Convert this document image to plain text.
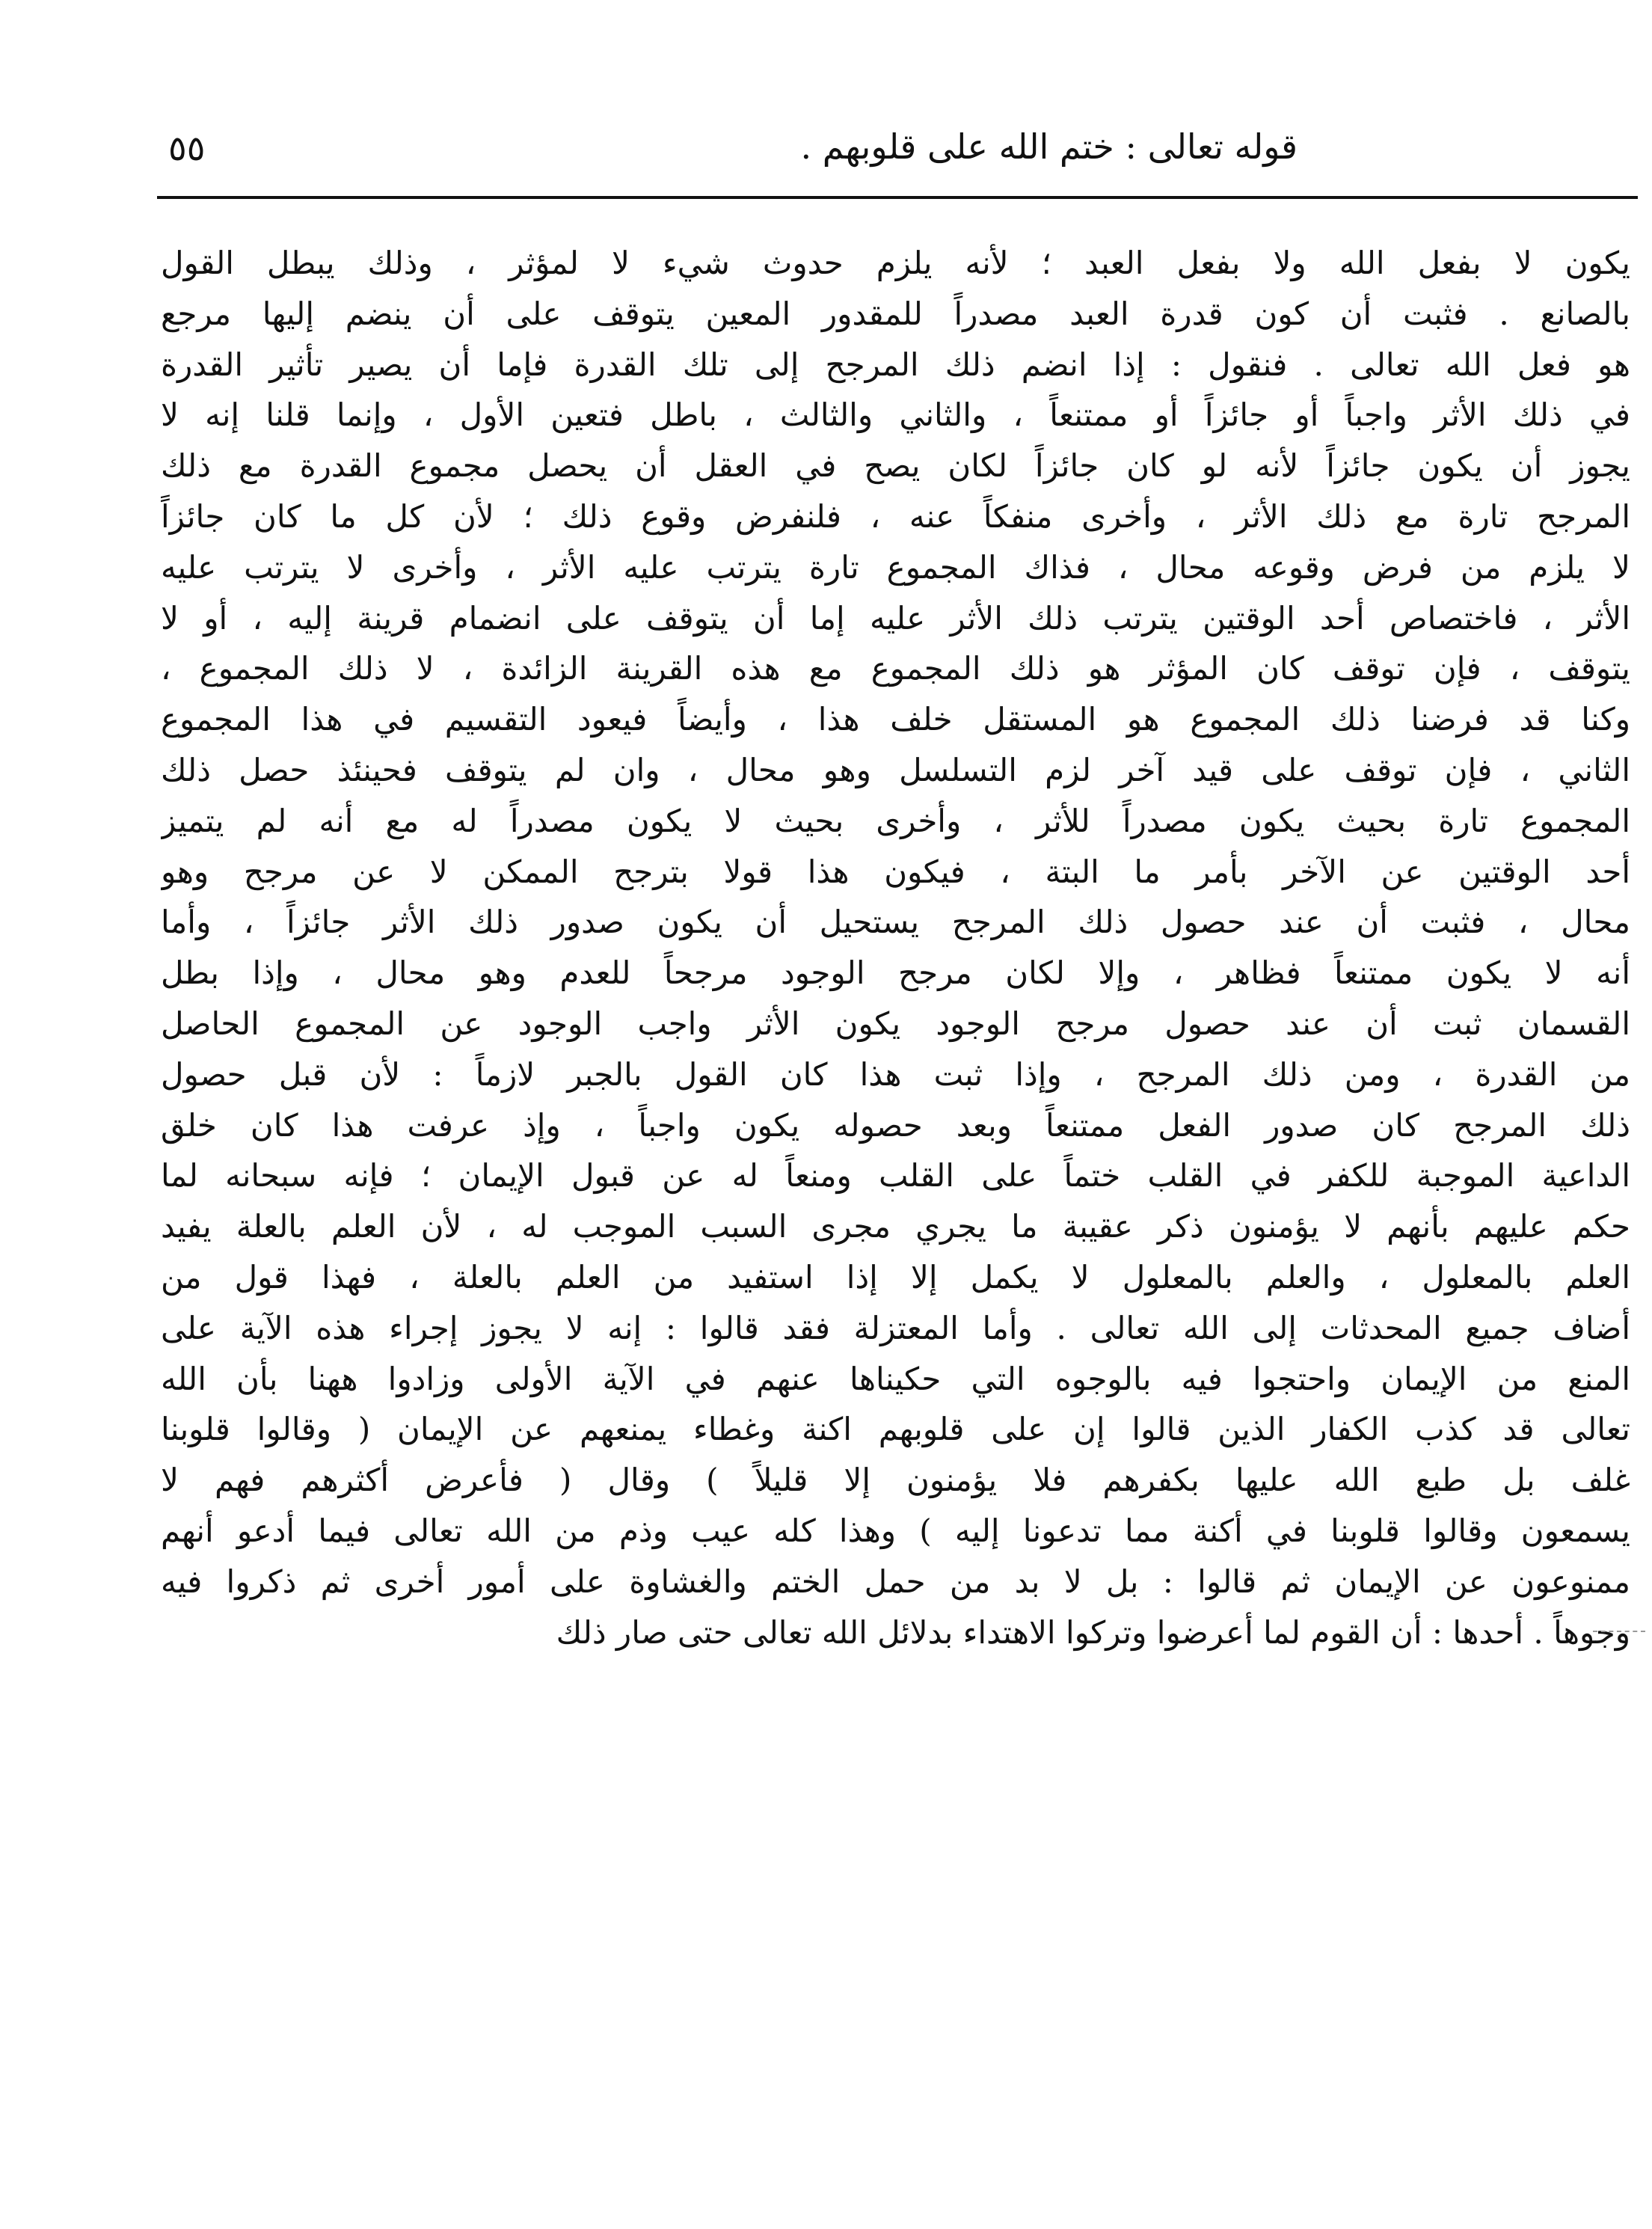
٥٥	قوله تعالى : ختم الله على قلوبهم .
يكون لا بفعل الله ولا بفعل العبد ؛ لأنه يلزم حدوث شيء لا لمؤثر ، وذلك يبطل القول
بالصانع . فثبت أن كون قدرة العبد مصدراً للمقدور المعين يتوقف على أن ينضم إليها مرجع
هو فعل الله تعالى . فنقول : إذا انضم ذلك المرجح إلى تلك القدرة فإما أن يصير تأثير القدرة
في ذلك الأثر واجباً أو جائزاً أو ممتنعاً ، والثاني والثالث ، باطل فتعين الأول ، وإنما قلنا إنه لا
يجوز أن يكون جائزاً لأنه لو كان جائزاً لكان يصح في العقل أن يحصل مجموع القدرة مع ذلك
المرجح تارة مع ذلك الأثر ، وأخرى منفكاً عنه ، فلنفرض وقوع ذلك ؛ لأن كل ما كان جائزاً
لا يلزم من فرض وقوعه محال ، فذاك المجموع تارة يترتب عليه الأثر ، وأخرى لا يترتب عليه
الأثر ، فاختصاص أحد الوقتين يترتب ذلك الأثر عليه إما أن يتوقف على انضمام قرينة إليه ، أو لا
يتوقف ، فإن توقف كان المؤثر هو ذلك المجموع مع هذه القرينة الزائدة ، لا ذلك المجموع ،
وكنا قد فرضنا ذلك المجموع هو المستقل خلف هذا ، وأيضاً فيعود التقسيم في هذا المجموع
الثاني ، فإن توقف على قيد آخر لزم التسلسل وهو محال ، وان لم يتوقف فحينئذ حصل ذلك
المجموع تارة بحيث يكون مصدراً للأثر ، وأخرى بحيث لا يكون مصدراً له مع أنه لم يتميز
أحد الوقتين عن الآخر بأمر ما البتة ، فيكون هذا قولا بترجح الممكن لا عن مرجح وهو
محال ، فثبت أن عند حصول ذلك المرجح يستحيل أن يكون صدور ذلك الأثر جائزاً ، وأما
أنه لا يكون ممتنعاً فظاهر ، وإلا لكان مرجح الوجود مرجحاً للعدم وهو محال ، وإذا بطل
القسمان ثبت أن عند حصول مرجح الوجود يكون الأثر واجب الوجود عن المجموع الحاصل
من القدرة ، ومن ذلك المرجح ، وإذا ثبت هذا كان القول بالجبر لازماً : لأن قبل حصول
ذلك المرجح كان صدور الفعل ممتنعاً وبعد حصوله يكون واجباً ، وإذ عرفت هذا كان خلق
الداعية الموجبة للكفر في القلب ختماً على القلب ومنعاً له عن قبول الإيمان ؛ فإنه سبحانه لما
حكم عليهم بأنهم لا يؤمنون ذكر عقيبة ما يجري مجرى السبب الموجب له ، لأن العلم بالعلة يفيد
العلم بالمعلول ، والعلم بالمعلول لا يكمل إلا إذا استفيد من العلم بالعلة ، فهذا قول من
أضاف جميع المحدثات إلى الله تعالى . وأما المعتزلة فقد قالوا : إنه لا يجوز إجراء هذه الآية على
المنع من الإيمان واحتجوا فيه بالوجوه التي حكيناها عنهم في الآية الأولى وزادوا ههنا بأن الله
تعالى قد كذب الكفار الذين قالوا إن على قلوبهم اكنة وغطاء يمنعهم عن الإيمان ( وقالوا قلوبنا
غلف بل طبع الله عليها بكفرهم فلا يؤمنون إلا قليلاً ) وقال ( فأعرض أكثرهم فهم لا
يسمعون وقالوا قلوبنا في أكنة مما تدعونا إليه ) وهذا كله عيب وذم من الله تعالى فيما أدعو أنهم
ممنوعون عن الإيمان ثم قالوا : بل لا بد من حمل الختم والغشاوة على أمور أخرى ثم ذكروا فيه
وجوهاً . أحدها : أن القوم لما أعرضوا وتركوا الاهتداء بدلائل الله تعالى حتى صار ذلك
